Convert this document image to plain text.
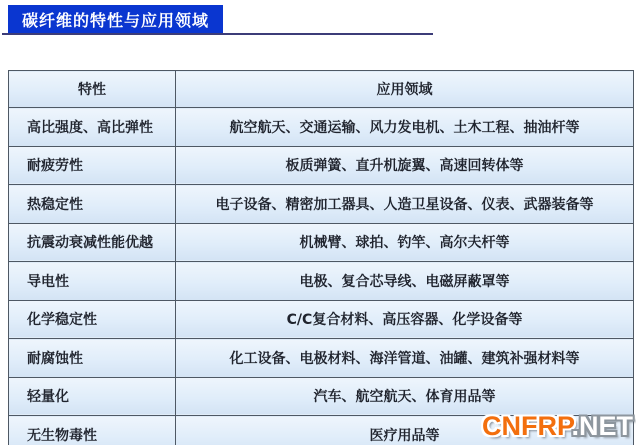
碳纤维的特性与应用领域
特性	应用领域
高比强度、高比弹性	航空航天、交通运输、风力发电机、土木工程、抽油杆等
耐疲劳性	板质弹簧、直升机旋翼、高速回转体等
热稳定性	电子设备、精密加工器具、人造卫星设备、仪表、武器装备等
抗震动衰减性能优越	机械臂、球拍、钓竿、高尔夫杆等
导电性	电极、复合芯导线、电磁屏蔽罩等
化学稳定性	C/C复合材料、高压容器、化学设备等
耐腐蚀性	化工设备、电极材料、海洋管道、油罐、建筑补强材料等
轻量化	汽车、航空航天、体育用品等
无生物毒性	医疗用品等 CNFRP.NET
